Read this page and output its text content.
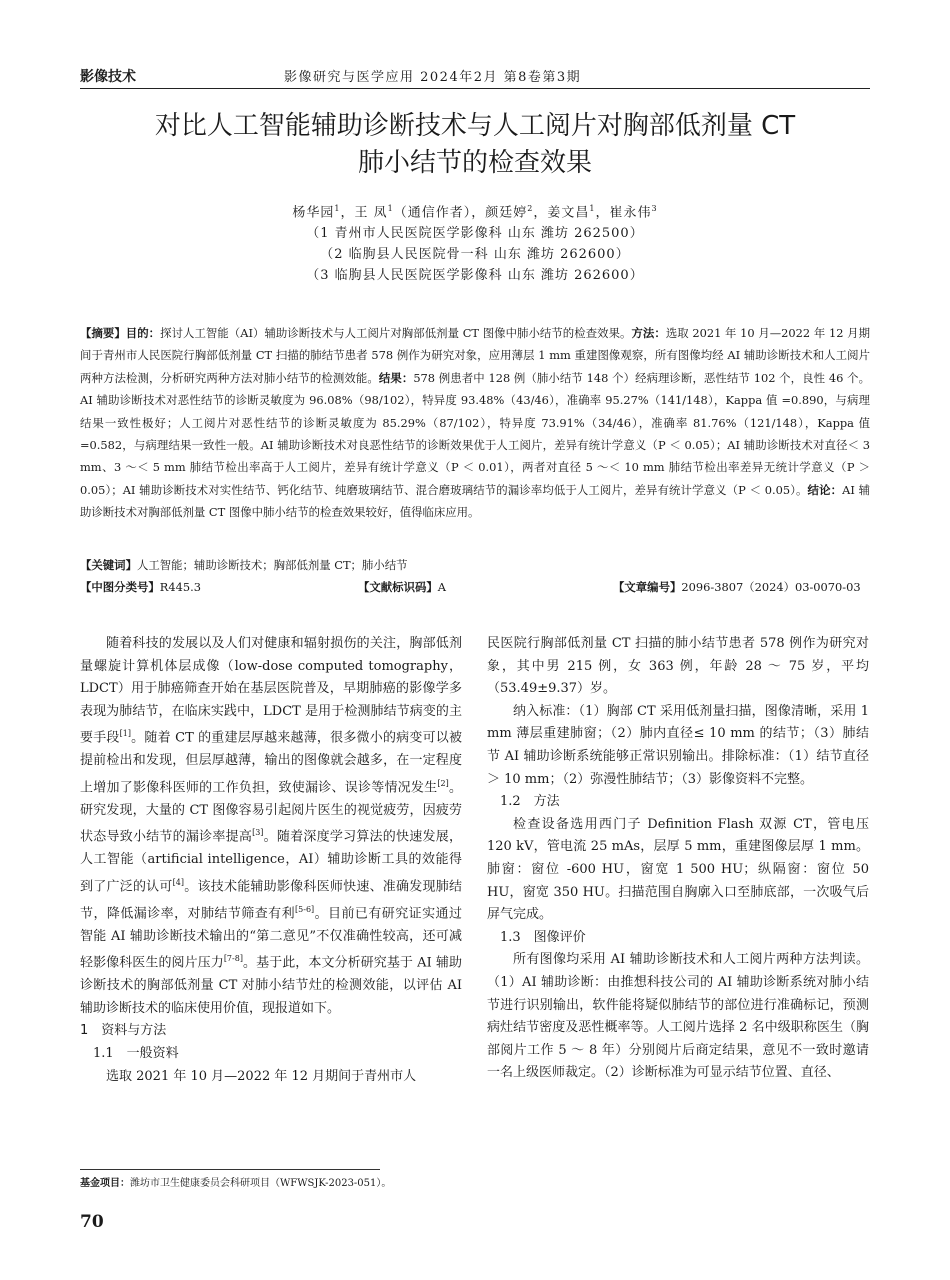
影像技术	影像研究与医学应用 2024年2月 第8卷第3期
对比人工智能辅助诊断技术与人工阅片对胸部低剂量 CT
肺小结节的检查效果
杨华园$^1$，王 凤$^1$（通信作者），颜廷婷$^2$，姜文昌$^1$，崔永伟$^3$
（1 青州市人民医院医学影像科 山东 潍坊 262500）
（2 临朐县人民医院骨一科 山东 潍坊 262600）
（3 临朐县人民医院医学影像科 山东 潍坊 262600）
【摘要】目的：探讨人工智能（AI）辅助诊断技术与人工阅片对胸部低剂量 CT 图像中肺小结节的检查效果。方法：选取 2021 年 10 月—2022 年 12 月期间于青州市人民医院行胸部低剂量 CT 扫描的肺结节患者 578 例作为研究对象，应用薄层 1 mm 重建图像观察，所有图像均经 AI 辅助诊断技术和人工阅片两种方法检测，分析研究两种方法对肺小结节的检测效能。结果：578 例患者中 128 例（肺小结节 148 个）经病理诊断，恶性结节 102 个，良性 46 个。AI 辅助诊断技术对恶性结节的诊断灵敏度为 96.08%（98/102），特异度 93.48%（43/46），准确率 95.27%（141/148），Kappa 值 =0.890，与病理结果一致性极好；人工阅片对恶性结节的诊断灵敏度为 85.29%（87/102），特异度 73.91%（34/46），准确率 81.76%（121/148），Kappa 值 =0.582，与病理结果一致性一般。AI 辅助诊断技术对良恶性结节的诊断效果优于人工阅片，差异有统计学意义（P ＜ 0.05）；AI 辅助诊断技术对直径＜ 3 mm、3 ～＜ 5 mm 肺结节检出率高于人工阅片，差异有统计学意义（P ＜ 0.01），两者对直径 5 ～＜ 10 mm 肺结节检出率差异无统计学意义（P ＞ 0.05）；AI 辅助诊断技术对实性结节、钙化结节、纯磨玻璃结节、混合磨玻璃结节的漏诊率均低于人工阅片，差异有统计学意义（P ＜ 0.05）。结论：AI 辅助诊断技术对胸部低剂量 CT 图像中肺小结节的检查效果较好，值得临床应用。
【关键词】人工智能；辅助诊断技术；胸部低剂量 CT；肺小结节
【中图分类号】 R445.3	【文献标识码】 A	【文章编号】 2096-3807（2024）03-0070-03

随着科技的发展以及人们对健康和辐射损伤的关注，胸部低剂量螺旋计算机体层成像（low-dose computed tomography，LDCT）用于肺癌筛查开始在基层医院普及，早期肺癌的影像学多表现为肺结节，在临床实践中，LDCT 是用于检测肺结节病变的主要手段[1]。随着 CT 的重建层厚越来越薄，很多微小的病变可以被提前检出和发现，但层厚越薄，输出的图像就会越多，在一定程度上增加了影像科医师的工作负担，致使漏诊、误诊等情况发生[2]。研究发现，大量的 CT 图像容易引起阅片医生的视觉疲劳，因疲劳状态导致小结节的漏诊率提高[3]。随着深度学习算法的快速发展，人工智能（artificial intelligence，AI）辅助诊断工具的效能得到了广泛的认可[4]。该技术能辅助影像科医师快速、准确发现肺结节，降低漏诊率，对肺结节筛查有利[5-6]。目前已有研究证实通过智能 AI 辅助诊断技术输出的“第二意见”不仅准确性较高，还可减轻影像科医生的阅片压力[7-8]。基于此，本文分析研究基于 AI 辅助诊断技术的胸部低剂量 CT 对肺小结节灶的检测效能，以评估 AI 辅助诊断技术的临床使用价值，现报道如下。

1　资料与方法

1.1　一般资料

选取 2021 年 10 月—2022 年 12 月期间于青州市人

民医院行胸部低剂量 CT 扫描的肺小结节患者 578 例作为研究对象，其中男 215 例，女 363 例，年龄 28 ～ 75 岁，平均（53.49±9.37）岁。

纳入标准：（1）胸部 CT 采用低剂量扫描，图像清晰，采用 1 mm 薄层重建肺窗；（2）肺内直径≤ 10 mm 的结节；（3）肺结节 AI 辅助诊断系统能够正常识别输出。排除标准：（1）结节直径＞ 10 mm；（2）弥漫性肺结节；（3）影像资料不完整。

1.2　方法

检查设备选用西门子 Definition Flash 双源 CT，管电压 120 kV，管电流 25 mAs，层厚 5 mm，重建图像层厚 1 mm。肺窗：窗位 -600 HU，窗宽 1 500 HU；纵隔窗：窗位 50 HU，窗宽 350 HU。扫描范围自胸廓入口至肺底部，一次吸气后屏气完成。

1.3　图像评价

所有图像均采用 AI 辅助诊断技术和人工阅片两种方法判读。（1）AI 辅助诊断：由推想科技公司的 AI 辅助诊断系统对肺小结节进行识别输出，软件能将疑似肺结节的部位进行准确标记，预测病灶结节密度及恶性概率等。人工阅片选择 2 名中级职称医生（胸部阅片工作 5 ～ 8 年）分别阅片后商定结果，意见不一致时邀请一名上级医师裁定。（2）诊断标准为可显示结节位置、直径、

基金项目：潍坊市卫生健康委员会科研项目（WFWSJK-2023-051）。
70
